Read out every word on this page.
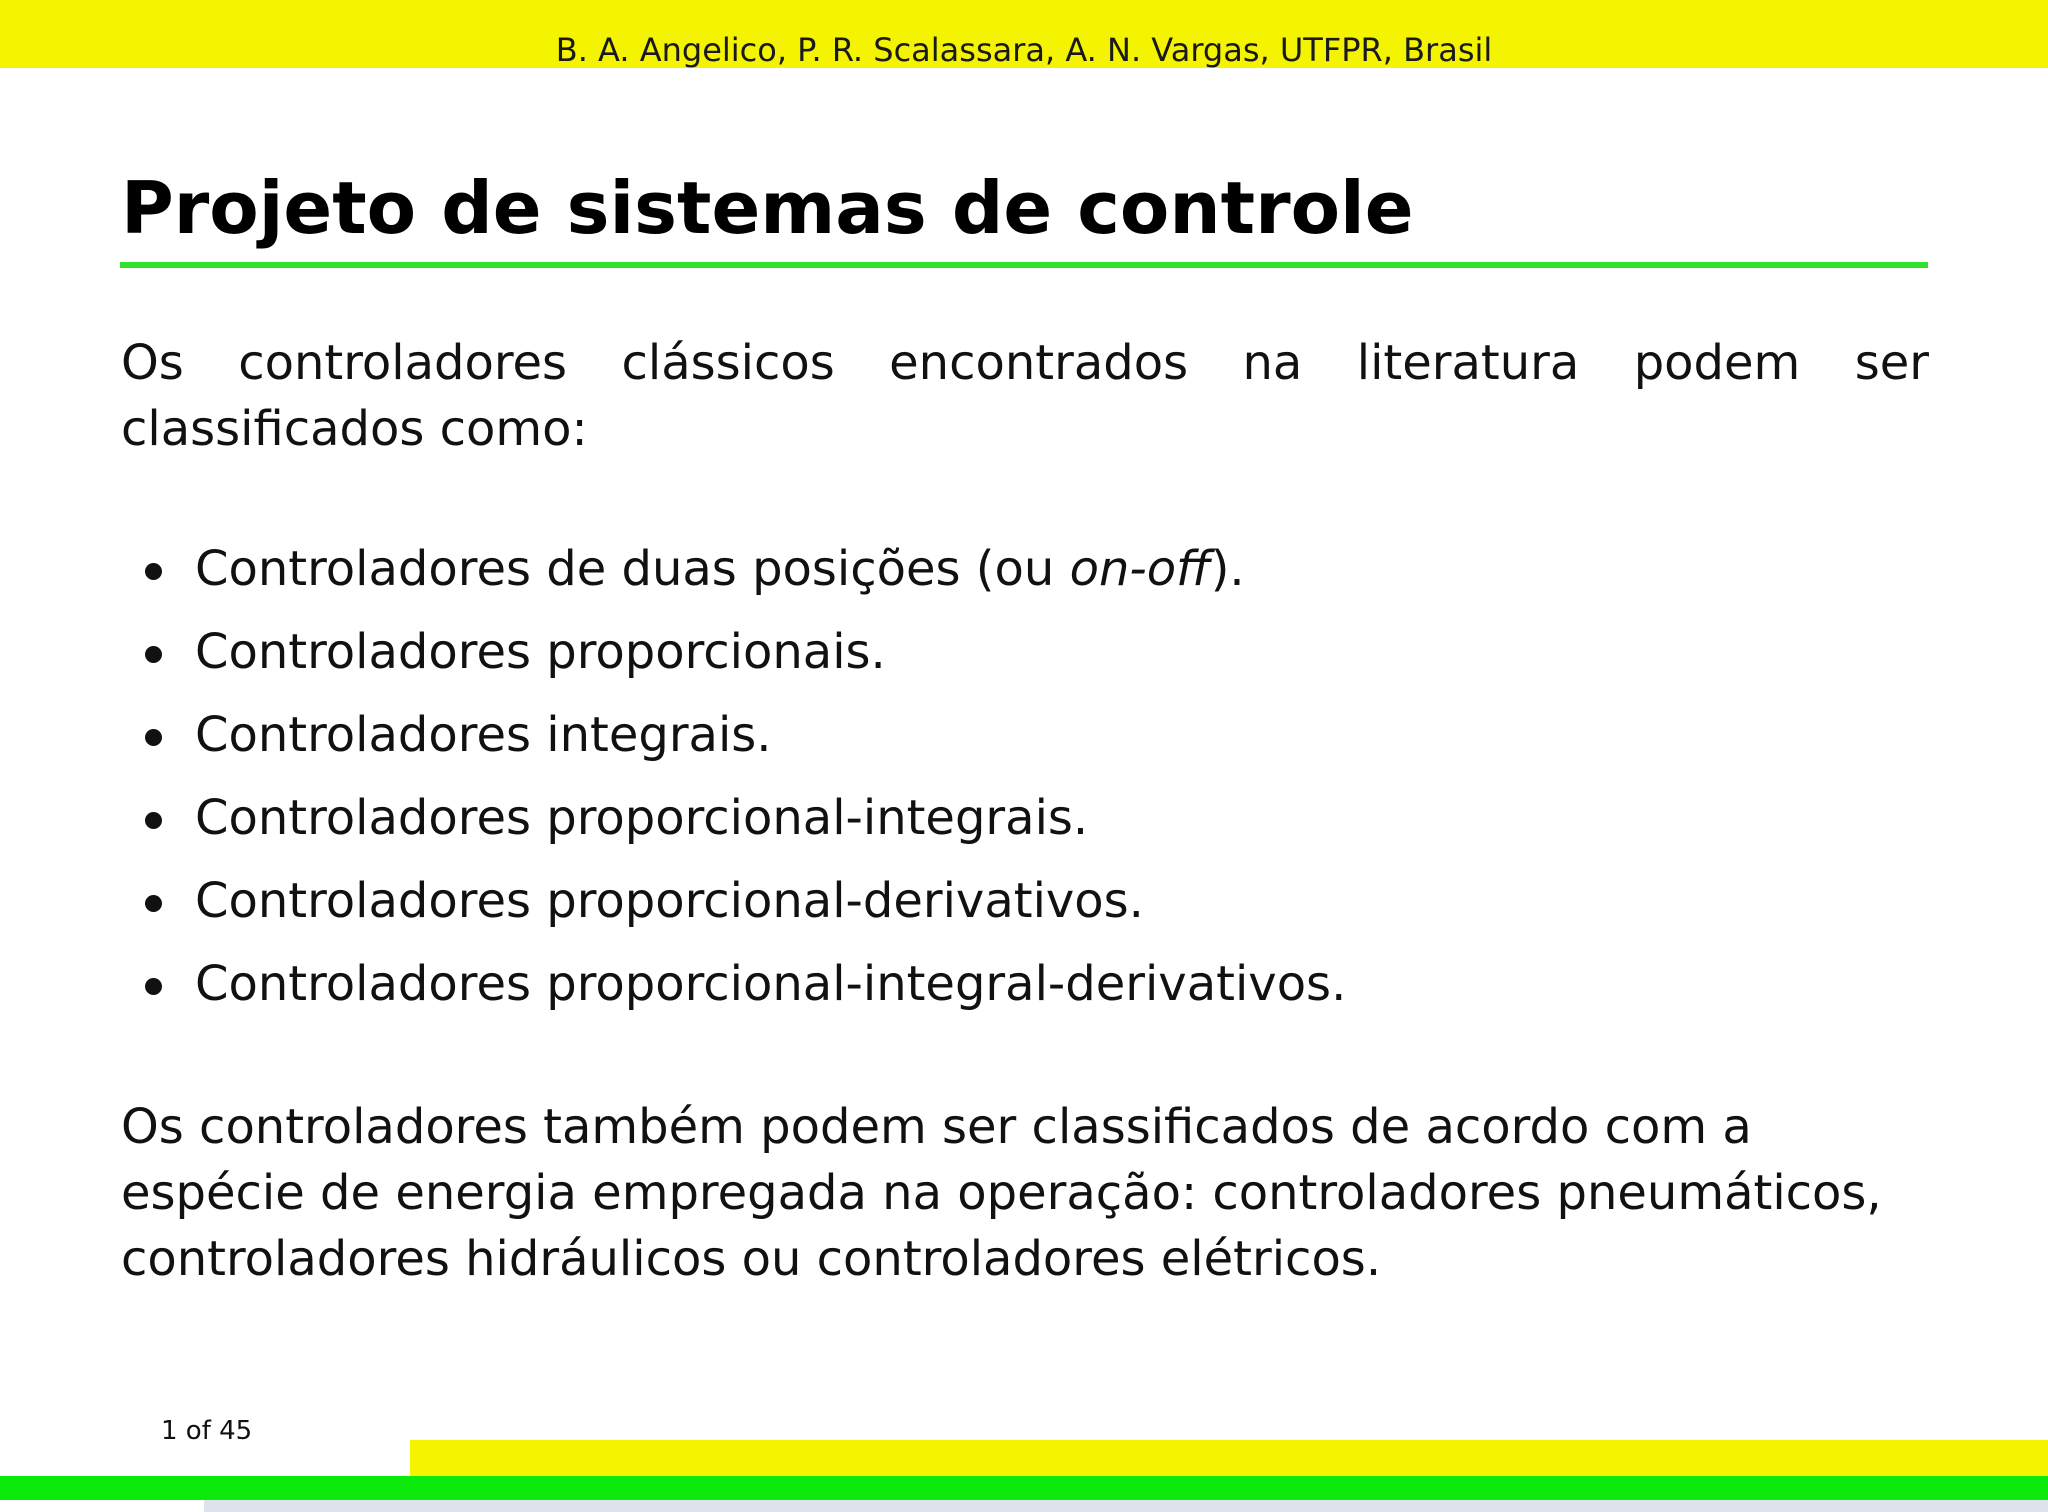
B. A. Angelico, P. R. Scalassara, A. N. Vargas, UTFPR, Brasil
Projeto de sistemas de controle

Os controladores clássicos encontrados na literatura podem ser classificados como:

Controladores de duas posições (ou on-off).
Controladores proporcionais.
Controladores integrais.
Controladores proporcional-integrais.
Controladores proporcional-derivativos.
Controladores proporcional-integral-derivativos.

Os controladores também podem ser classificados de acordo com a espécie de energia empregada na operação: controladores pneumáticos, controladores hidráulicos ou controladores elétricos.

1 of 45
